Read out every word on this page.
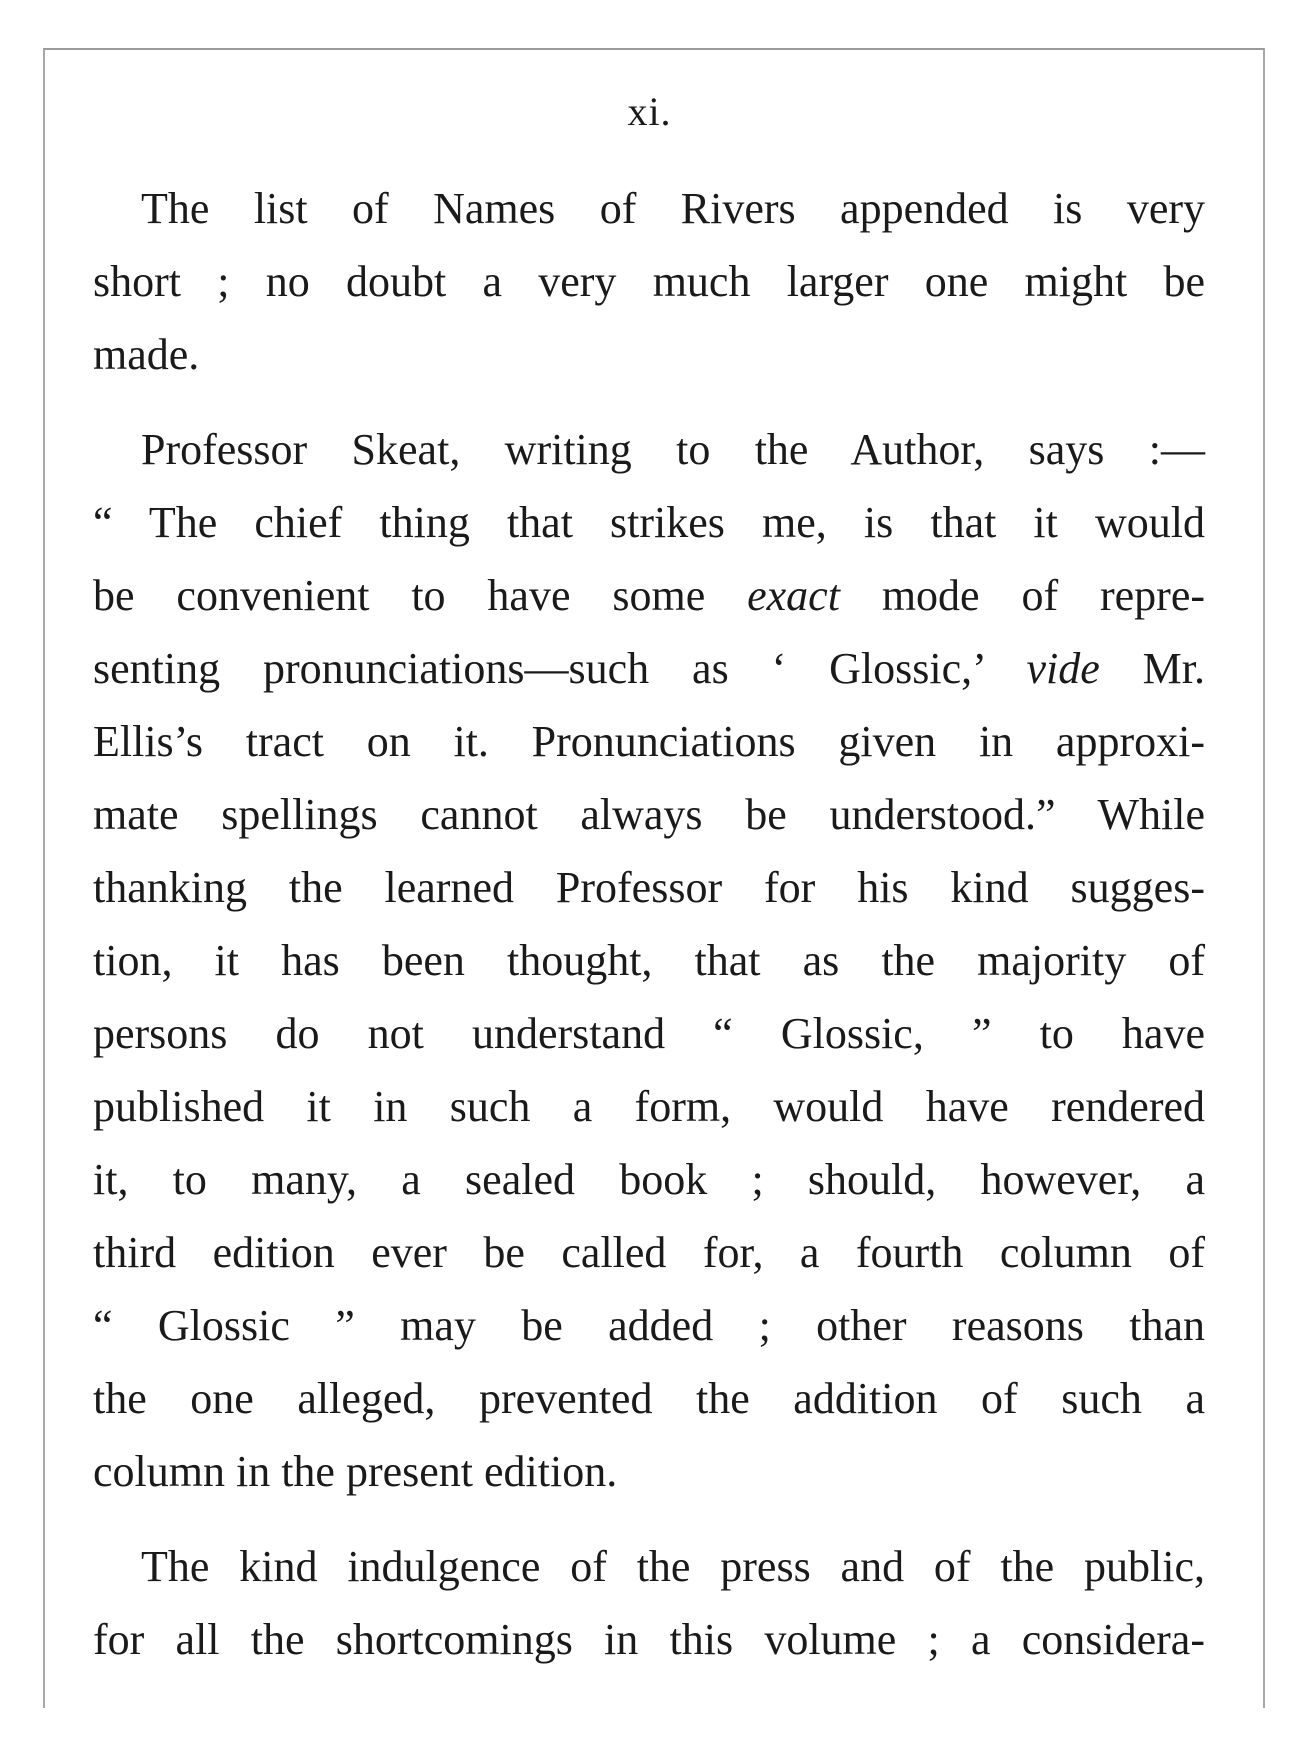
xi.
The list of Names of Rivers appended is very
short ; no doubt a very much larger one might be
made.
Professor Skeat, writing to the Author, says :—
“ The chief thing that strikes me, is that it would
be convenient to have some exact mode of repre-
senting pronunciations—such as ‘ Glossic,’ vide Mr.
Ellis’s tract on it. Pronunciations given in approxi-
mate spellings cannot always be understood.” While
thanking the learned Professor for his kind sugges-
tion, it has been thought, that as the majority of
persons do not understand “ Glossic, ” to have
published it in such a form, would have rendered
it, to many, a sealed book ; should, however, a
third edition ever be called for, a fourth column of
“ Glossic ” may be added ; other reasons than
the one alleged, prevented the addition of such a
column in the present edition.
The kind indulgence of the press and of the public,
for all the shortcomings in this volume ; a considera-
